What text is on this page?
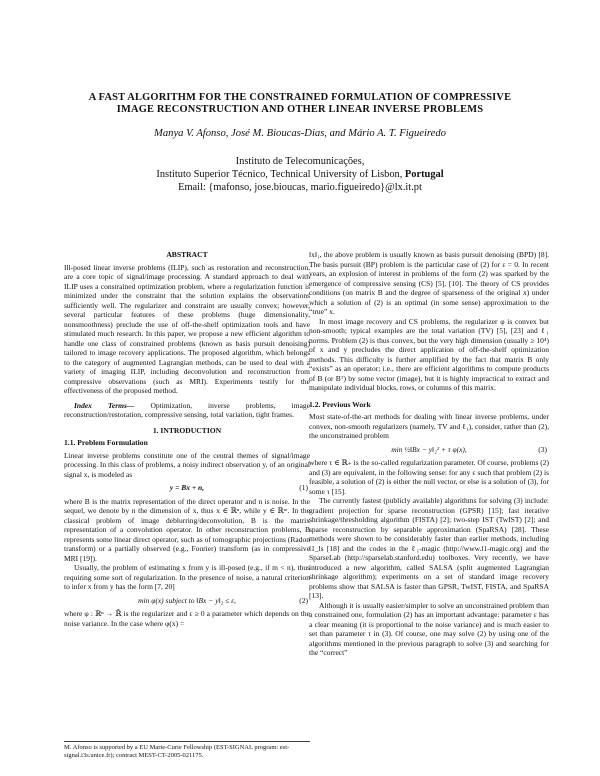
A FAST ALGORITHM FOR THE CONSTRAINED FORMULATION OF COMPRESSIVE
IMAGE RECONSTRUCTION AND OTHER LINEAR INVERSE PROBLEMS
Manya V. Afonso, José M. Bioucas-Dias, and Mário A. T. Figueiredo
Instituto de Telecomunicações,
Instituto Superior Técnico, Technical University of Lisbon, Portugal
Email: {mafonso, jose.bioucas, mario.figueiredo}@lx.it.pt
ABSTRACT

Ill-posed linear inverse problems (ILIP), such as restoration and reconstruction, are a core topic of signal/image processing. A standard approach to deal with ILIP uses a constrained optimization problem, where a regularization function is minimized under the constraint that the solution explains the observations sufficiently well. The regularizer and constraint are usually convex; however, several particular features of these problems (huge dimensionality, nonsmoothness) preclude the use of off-the-shelf optimization tools and have stimulated much research. In this paper, we propose a new efficient algorithm to handle one class of constrained problems (known as basis pursuit denoising) tailored to image recovery applications. The proposed algorithm, which belongs to the category of augmented Lagrangian methods, can be used to deal with a variety of imaging ILIP, including deconvolution and reconstruction from compressive observations (such as MRI). Experiments testify for the effectiveness of the proposed method.

Index Terms— Optimization, inverse problems, image reconstruction/restoration, compressive sensing, total variation, tight frames.

1. INTRODUCTION
1.1. Problem Formulation

Linear inverse problems constitute one of the central themes of signal/image processing. In this class of problems, a noisy indirect observation y, of an original signal x, is modeled as

y = Bx + n,	(1)

where B is the matrix representation of the direct operator and n is noise. In the sequel, we denote by n the dimension of x, thus x ∈ ℝⁿ, while y ∈ ℝᵐ. In the classical problem of image deblurring/deconvolution, B is the matrix representation of a convolution operator. In other reconstruction problems, B represents some linear direct operator, such as of tomographic projections (Radon transform) or a partially observed (e.g., Fourier) transform (as in compressive MRI [19]).

Usually, the problem of estimating x from y is ill-posed (e.g., if m < n), thus requiring some sort of regularization. In the presence of noise, a natural criterion to infer x from y has the form [7, 20]

min φ(x) subject to ‖Bx − y‖₂ ≤ ε,	(2)

where φ : ℝⁿ → ℝ̄ is the regularizer and ε ≥ 0 a parameter which depends on the noise variance. In the case where φ(x) =

M. Afonso is supported by a EU Marie-Curie Fellowship (EST-SIGNAL program: est-signal.i3s.unice.fr); contract MEST-CT-2005-021175.

‖x‖₁, the above problem is usually known as basis pursuit denoising (BPD) [8]. The basis pursuit (BP) problem is the particular case of (2) for ε = 0. In recent years, an explosion of interest in problems of the form (2) was sparked by the emergence of compressive sensing (CS) [5], [10]. The theory of CS provides conditions (on matrix B and the degree of sparseness of the original x) under which a solution of (2) is an optimal (in some sense) approximation to the “true” x.

In most image recovery and CS problems, the regularizer φ is convex but non-smooth; typical examples are the total variation (TV) [5], [23] and ℓ₁ norms. Problem (2) is thus convex, but the very high dimension (usually ≥ 10⁴) of x and y precludes the direct application of off-the-shelf optimization methods. This difficulty is further amplified by the fact that matrix B only “exists” as an operator; i.e., there are efficient algorithms to compute products of B (or Bᵀ) by some vector (image), but it is highly impractical to extract and manipulate individual blocks, rows, or columns of this matrix.

1.2. Previous Work

Most state-of-the-art methods for dealing with linear inverse problems, under convex, non-smooth regularizers (namely, TV and ℓ₁), consider, rather than (2), the unconstrained problem

min ½‖Bx − y‖₂² + τ φ(x),	(3)

where τ ∈ ℝ₊ is the so-called regularization parameter. Of course, problems (2) and (3) are equivalent, in the following sense: for any ε such that problem (2) is feasible, a solution of (2) is either the null vector, or else is a solution of (3), for some τ [15].

The currently fastest (publicly available) algorithms for solving (3) include: gradient projection for sparse reconstruction (GPSR) [15]; fast iterative shrinkage/thresholding algorithm (FISTA) [2]; two-step IST (TwIST) [2]; and sparse reconstruction by separable approximation (SpaRSA) [28]. These methods were shown to be considerably faster than earlier methods, including l1_ls [18] and the codes in the ℓ₁-magic (http://www.l1-magic.org) and the SparseLab (http://sparselab.stanford.edu) toolboxes. Very recently, we have introduced a new algorithm, called SALSA (split augmented Lagrangian shrinkage algorithm); experiments on a set of standard image recovery problems show that SALSA is faster than GPSR, TwIST, FISTA, and SpaRSA [13].

Although it is usually easier/simpler to solve an unconstrained problem than a constrained one, formulation (2) has an important advantage: parameter ε has a clear meaning (it is proportional to the noise variance) and is much easier to set than parameter τ in (3). Of course, one may solve (2) by using one of the algorithms mentioned in the previous paragraph to solve (3) and searching for the “correct”
